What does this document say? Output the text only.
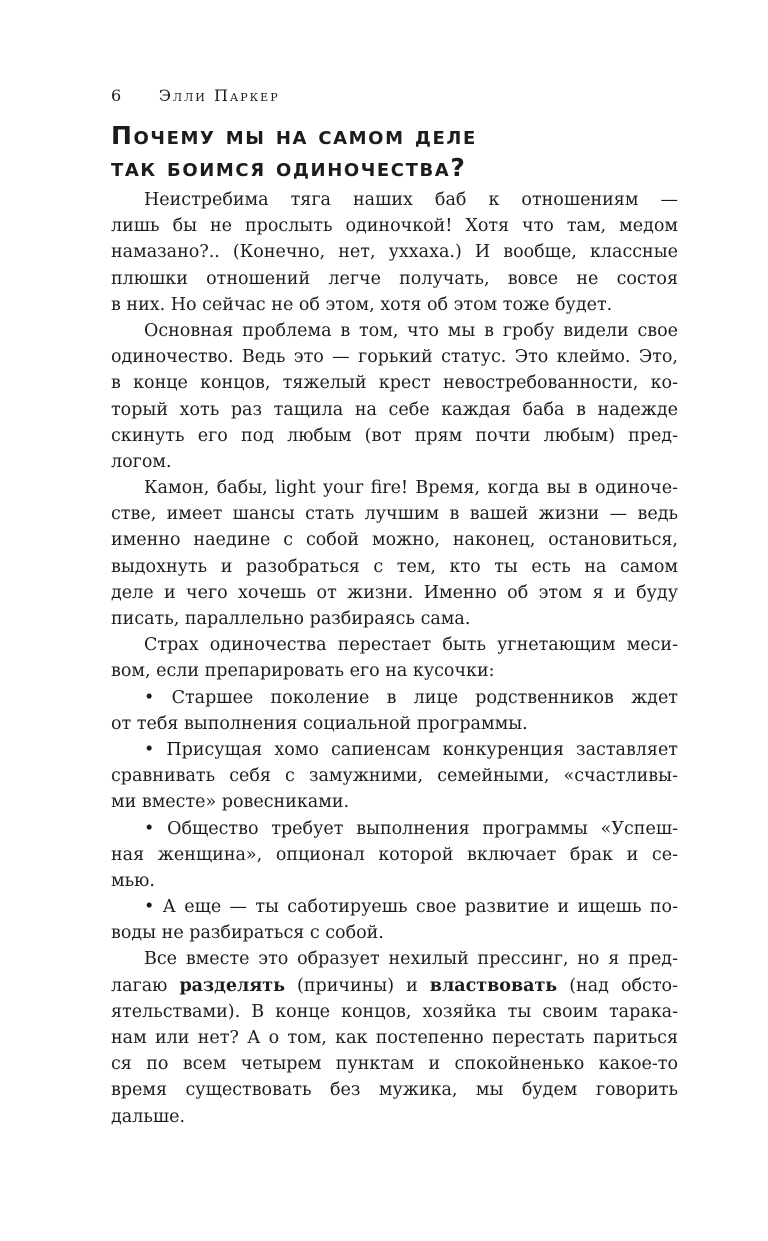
6 Элли Паркер
Почему мы на самом деле
так боимся одиночества?
Неистребима тяга наших баб к отношениям —
лишь бы не прослыть одиночкой! Хотя что там, медом
намазано?.. (Конечно, нет, уххаха.) И вообще, классные
плюшки отношений легче получать, вовсе не состоя
в них. Но сейчас не об этом, хотя об этом тоже будет.
Основная проблема в том, что мы в гробу видели свое
одиночество. Ведь это — горький статус. Это клеймо. Это,
в конце концов, тяжелый крест невостребованности, ко-
торый хоть раз тащила на себе каждая баба в надежде
скинуть его под любым (вот прям почти любым) пред-
логом.
Камон, бабы, light your fire! Время, когда вы в одиноче-
стве, имеет шансы стать лучшим в вашей жизни — ведь
именно наедине с собой можно, наконец, остановиться,
выдохнуть и разобраться с тем, кто ты есть на самом
деле и чего хочешь от жизни. Именно об этом я и буду
писать, параллельно разбираясь сама.
Страх одиночества перестает быть угнетающим меси-
вом, если препарировать его на кусочки:
• Старшее поколение в лице родственников ждет
от тебя выполнения социальной программы.
• Присущая хомо сапиенсам конкуренция заставляет
сравнивать себя с замужними, семейными, «счастливы-
ми вместе» ровесниками.
• Общество требует выполнения программы «Успеш-
ная женщина», опционал которой включает брак и се-
мью.
• А еще — ты саботируешь свое развитие и ищешь по-
воды не разбираться с собой.
Все вместе это образует нехилый прессинг, но я пред-
лагаю разделять (причины) и властвовать (над обсто-
ятельствами). В конце концов, хозяйка ты своим тарака-
нам или нет? А о том, как постепенно перестать париться
ся по всем четырем пунктам и спокойненько какое-то
время существовать без мужика, мы будем говорить
дальше.
